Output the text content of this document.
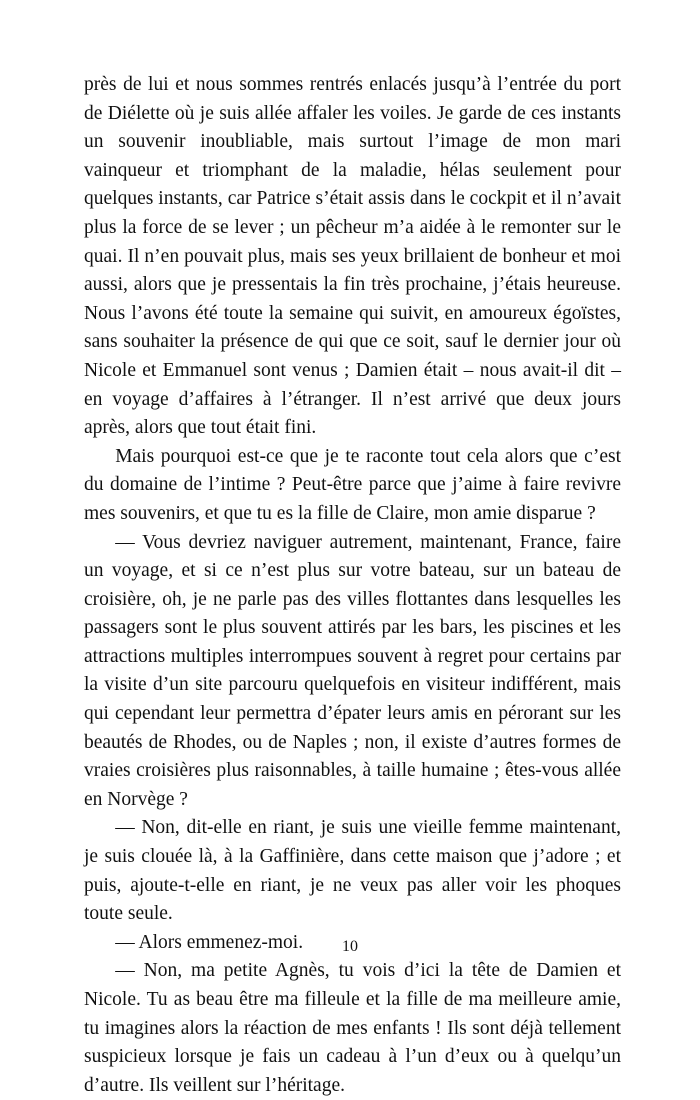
près de lui et nous sommes rentrés enlacés jusqu’à l’entrée du port de Diélette où je suis allée affaler les voiles. Je garde de ces instants un souvenir inoubliable, mais surtout l’image de mon mari vainqueur et triomphant de la maladie, hélas seulement pour quelques instants, car Patrice s’était assis dans le cockpit et il n’avait plus la force de se lever ; un pêcheur m’a aidée à le remonter sur le quai. Il n’en pouvait plus, mais ses yeux brillaient de bonheur et moi aussi, alors que je pressentais la fin très prochaine, j’étais heureuse. Nous l’avons été toute la semaine qui suivit, en amoureux égoïstes, sans souhaiter la présence de qui que ce soit, sauf le dernier jour où Nicole et Emmanuel sont venus ; Damien était – nous avait-il dit – en voyage d’affaires à l’étranger. Il n’est arrivé que deux jours après, alors que tout était fini.

Mais pourquoi est-ce que je te raconte tout cela alors que c’est du domaine de l’intime ? Peut-être parce que j’aime à faire revivre mes souvenirs, et que tu es la fille de Claire, mon amie disparue ?

— Vous devriez naviguer autrement, maintenant, France, faire un voyage, et si ce n’est plus sur votre bateau, sur un bateau de croisière, oh, je ne parle pas des villes flottantes dans lesquelles les passagers sont le plus souvent attirés par les bars, les piscines et les attractions multiples interrompues souvent à regret pour certains par la visite d’un site parcouru quelquefois en visiteur indifférent, mais qui cependant leur permettra d’épater leurs amis en pérorant sur les beautés de Rhodes, ou de Naples ; non, il existe d’autres formes de vraies croisières plus raisonnables, à taille humaine ; êtes-vous allée en Norvège ?

— Non, dit-elle en riant, je suis une vieille femme maintenant, je suis clouée là, à la Gaffinière, dans cette maison que j’adore ; et puis, ajoute-t-elle en riant, je ne veux pas aller voir les phoques toute seule.

— Alors emmenez-moi.

— Non, ma petite Agnès, tu vois d’ici la tête de Damien et Nicole. Tu as beau être ma filleule et la fille de ma meilleure amie, tu imagines alors la réaction de mes enfants ! Ils sont déjà tellement suspicieux lorsque je fais un cadeau à l’un d’eux ou à quelqu’un d’autre. Ils veillent sur l’héritage.

10
